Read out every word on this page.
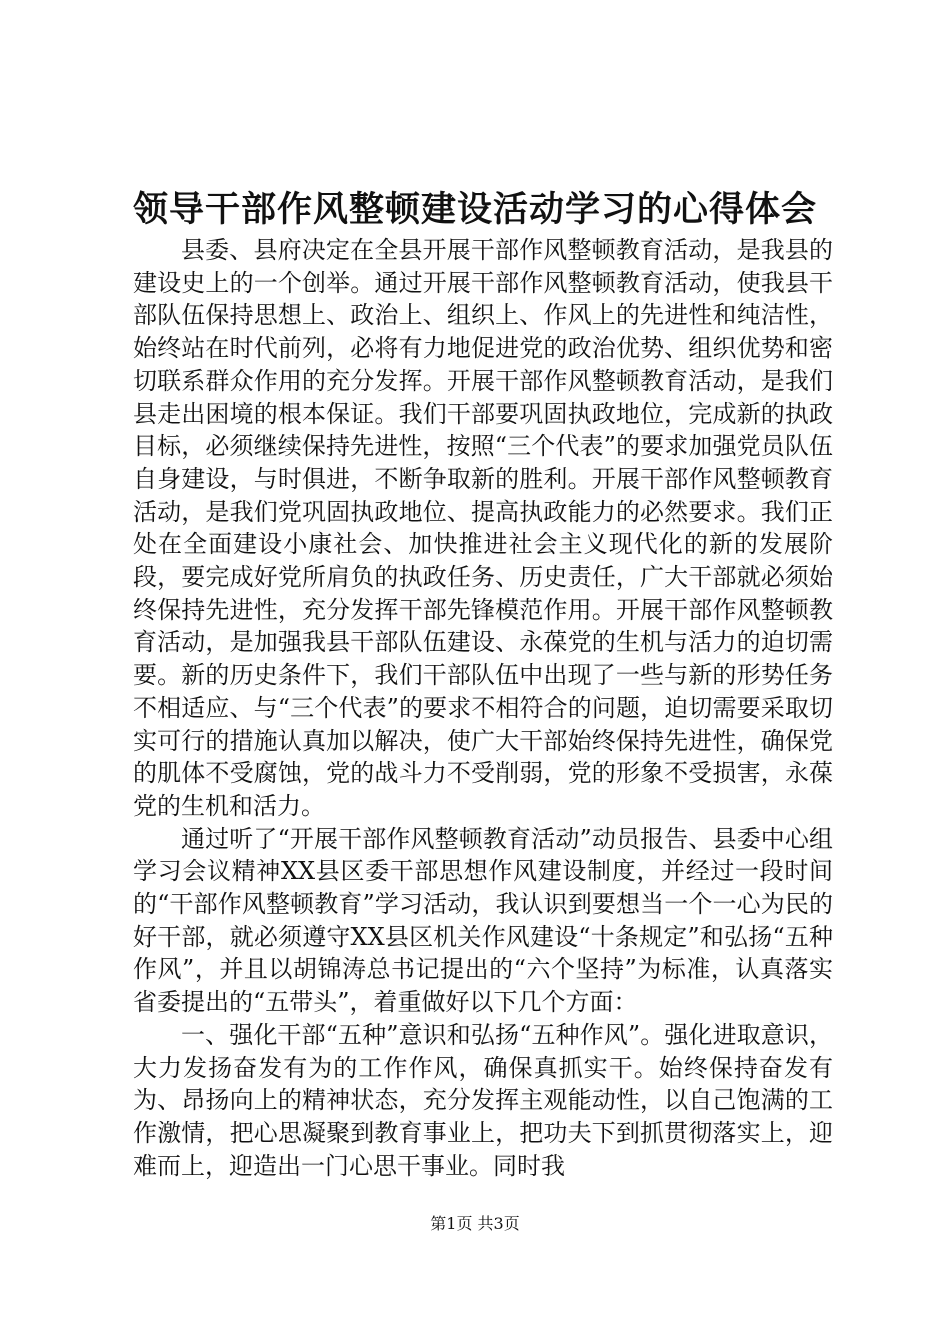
领导干部作风整顿建设活动学习的心得体会

县委、县府决定在全县开展干部作风整顿教育活动，是我县的建设史上的一个创举。通过开展干部作风整顿教育活动，使我县干部队伍保持思想上、政治上、组织上、作风上的先进性和纯洁性，始终站在时代前列，必将有力地促进党的政治优势、组织优势和密切联系群众作用的充分发挥。开展干部作风整顿教育活动，是我们县走出困境的根本保证。我们干部要巩固执政地位，完成新的执政目标，必须继续保持先进性，按照“三个代表”的要求加强党员队伍自身建设，与时俱进，不断争取新的胜利。开展干部作风整顿教育活动，是我们党巩固执政地位、提高执政能力的必然要求。我们正处在全面建设小康社会、加快推进社会主义现代化的新的发展阶段，要完成好党所肩负的执政任务、历史责任，广大干部就必须始终保持先进性，充分发挥干部先锋模范作用。开展干部作风整顿教育活动，是加强我县干部队伍建设、永葆党的生机与活力的迫切需要。新的历史条件下，我们干部队伍中出现了一些与新的形势任务不相适应、与“三个代表”的要求不相符合的问题，迫切需要采取切实可行的措施认真加以解决，使广大干部始终保持先进性，确保党的肌体不受腐蚀，党的战斗力不受削弱，党的形象不受损害，永葆党的生机和活力。

通过听了“开展干部作风整顿教育活动”动员报告、县委中心组学习会议精神XX县区委干部思想作风建设制度，并经过一段时间的“干部作风整顿教育”学习活动，我认识到要想当一个一心为民的好干部，就必须遵守XX县区机关作风建设“十条规定”和弘扬“五种作风”，并且以胡锦涛总书记提出的“六个坚持”为标准，认真落实省委提出的“五带头”，着重做好以下几个方面：

一、强化干部“五种”意识和弘扬“五种作风”。强化进取意识，大力发扬奋发有为的工作作风，确保真抓实干。始终保持奋发有为、昂扬向上的精神状态，充分发挥主观能动性，以自己饱满的工作激情，把心思凝聚到教育事业上，把功夫下到抓贯彻落实上，迎难而上，迎造出一门心思干事业。同时我

第1页 共3页
